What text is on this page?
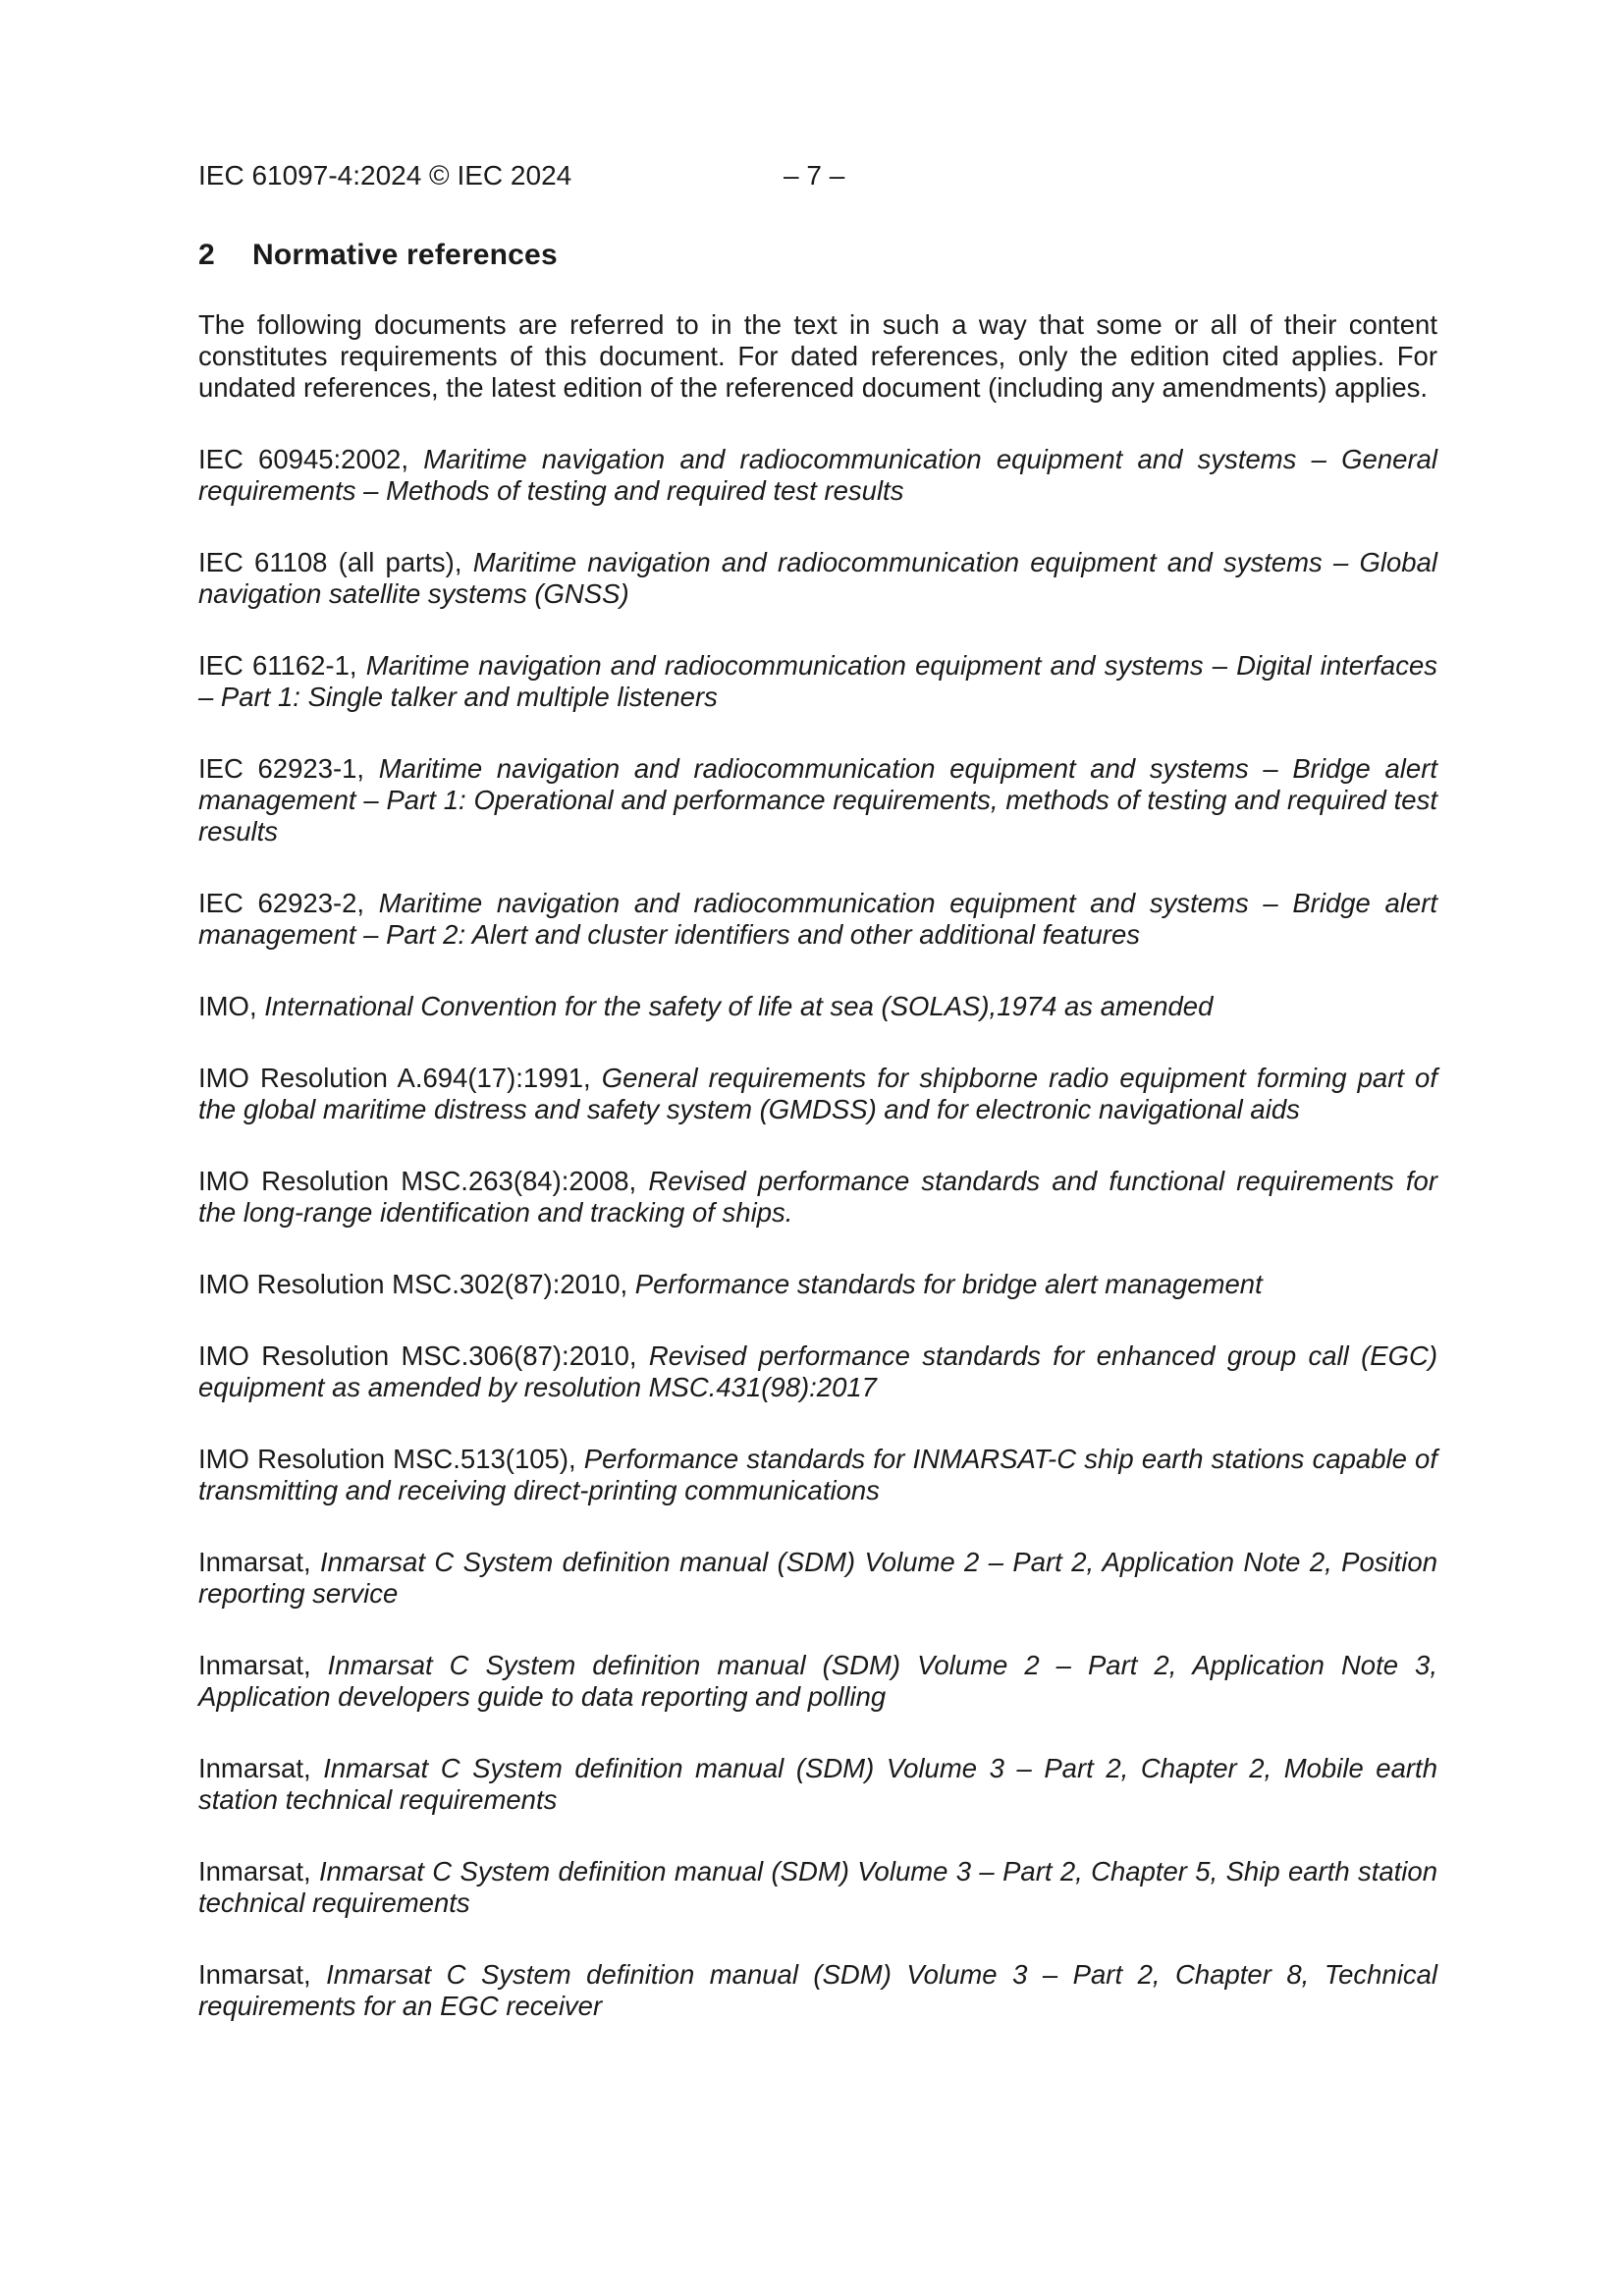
IEC 61097-4:2024 © IEC 2024	– 7 –
2 Normative references

The following documents are referred to in the text in such a way that some or all of their content constitutes requirements of this document. For dated references, only the edition cited applies. For undated references, the latest edition of the referenced document (including any amendments) applies.

IEC 60945:2002, Maritime navigation and radiocommunication equipment and systems – General requirements – Methods of testing and required test results
IEC 61108 (all parts), Maritime navigation and radiocommunication equipment and systems – Global navigation satellite systems (GNSS)
IEC 61162-1, Maritime navigation and radiocommunication equipment and systems – Digital interfaces – Part 1: Single talker and multiple listeners
IEC 62923-1, Maritime navigation and radiocommunication equipment and systems – Bridge alert management – Part 1: Operational and performance requirements, methods of testing and required test results
IEC 62923-2, Maritime navigation and radiocommunication equipment and systems – Bridge alert management – Part 2: Alert and cluster identifiers and other additional features
IMO, International Convention for the safety of life at sea (SOLAS),1974 as amended
IMO Resolution A.694(17):1991, General requirements for shipborne radio equipment forming part of the global maritime distress and safety system (GMDSS) and for electronic navigational aids
IMO Resolution MSC.263(84):2008, Revised performance standards and functional requirements for the long-range identification and tracking of ships.
IMO Resolution MSC.302(87):2010, Performance standards for bridge alert management
IMO Resolution MSC.306(87):2010, Revised performance standards for enhanced group call (EGC) equipment as amended by resolution MSC.431(98):2017
IMO Resolution MSC.513(105), Performance standards for INMARSAT-C ship earth stations capable of transmitting and receiving direct-printing communications
Inmarsat, Inmarsat C System definition manual (SDM) Volume 2 – Part 2, Application Note 2, Position reporting service
Inmarsat, Inmarsat C System definition manual (SDM) Volume 2 – Part 2, Application Note 3, Application developers guide to data reporting and polling
Inmarsat, Inmarsat C System definition manual (SDM) Volume 3 – Part 2, Chapter 2, Mobile earth station technical requirements
Inmarsat, Inmarsat C System definition manual (SDM) Volume 3 – Part 2, Chapter 5, Ship earth station technical requirements
Inmarsat, Inmarsat C System definition manual (SDM) Volume 3 – Part 2, Chapter 8, Technical requirements for an EGC receiver
